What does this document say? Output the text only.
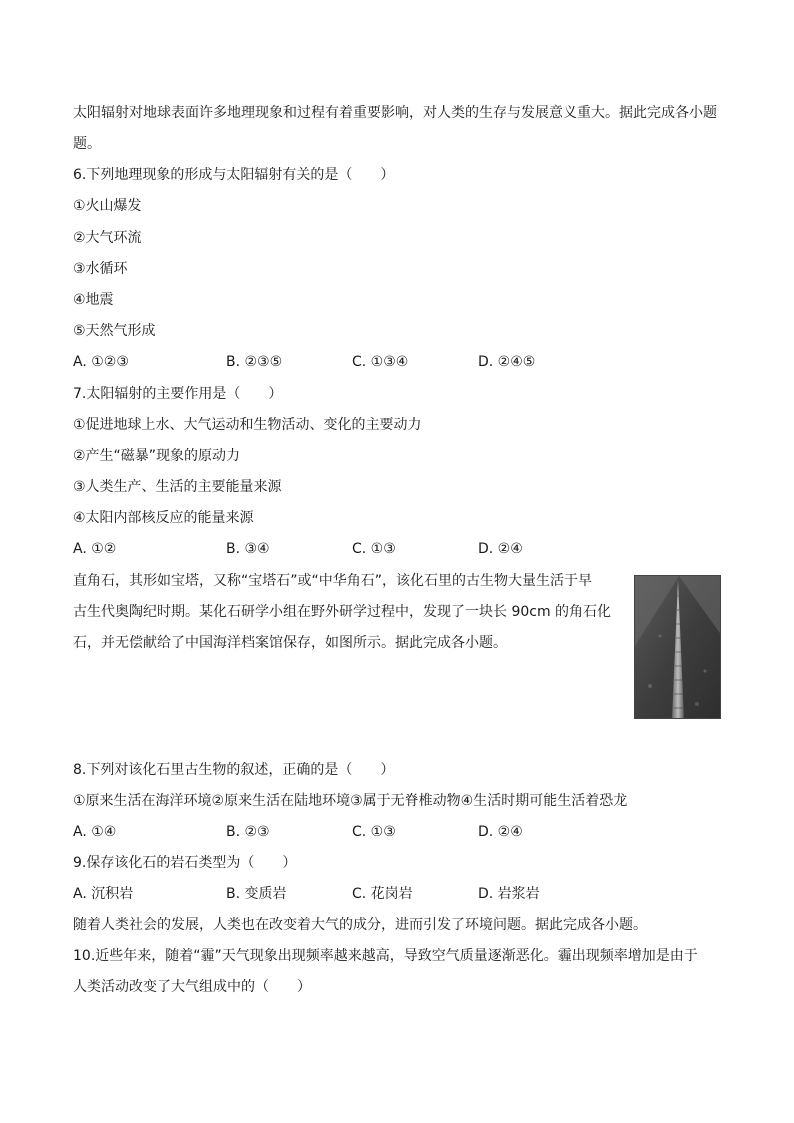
太阳辐射对地球表面许多地理现象和过程有着重要影响，对人类的生存与发展意义重大。据此完成各小题
题。
6.下列地理现象的形成与太阳辐射有关的是（　　）
①火山爆发
②大气环流
③水循环
④地震
⑤天然气形成
A. ①②③	B. ②③⑤	C. ①③④	D. ②④⑤
7.太阳辐射的主要作用是（　　）
①促进地球上水、大气运动和生物活动、变化的主要动力
②产生“磁暴”现象的原动力
③人类生产、生活的主要能量来源
④太阳内部核反应的能量来源
A. ①②	B. ③④	C. ①③	D. ②④
直角石，其形如宝塔，又称“宝塔石”或“中华角石”，该化石里的古生物大量生活于早
古生代奥陶纪时期。某化石研学小组在野外研学过程中，发现了一块长 90cm 的角石化
石，并无偿献给了中国海洋档案馆保存，如图所示。据此完成各小题。
8.下列对该化石里古生物的叙述，正确的是（　　）
①原来生活在海洋环境②原来生活在陆地环境③属于无脊椎动物④生活时期可能生活着恐龙
A. ①④	B. ②③	C. ①③	D. ②④
9.保存该化石的岩石类型为（　　）
A. 沉积岩	B. 变质岩	C. 花岗岩	D. 岩浆岩
随着人类社会的发展，人类也在改变着大气的成分，进而引发了环境问题。据此完成各小题。
10.近些年来，随着“霾”天气现象出现频率越来越高，导致空气质量逐渐恶化。霾出现频率增加是由于
人类活动改变了大气组成中的（　　）
